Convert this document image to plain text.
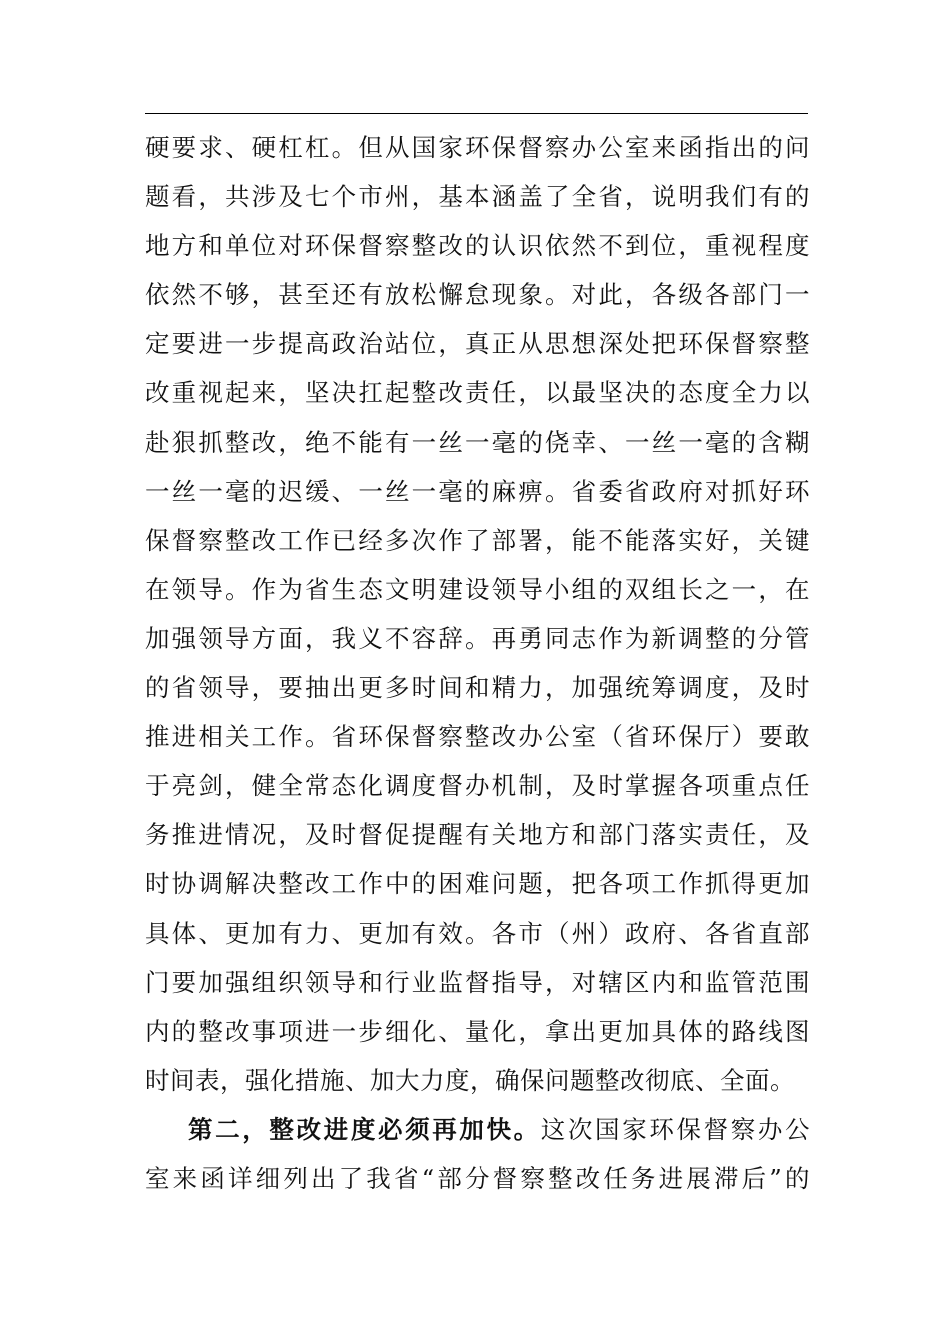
硬要求、硬杠杠。但从国家环保督察办公室来函指出的问
题看，共涉及七个市州，基本涵盖了全省，说明我们有的
地方和单位对环保督察整改的认识依然不到位，重视程度
依然不够，甚至还有放松懈怠现象。对此，各级各部门一
定要进一步提高政治站位，真正从思想深处把环保督察整
改重视起来，坚决扛起整改责任，以最坚决的态度全力以
赴狠抓整改，绝不能有一丝一毫的侥幸、一丝一毫的含糊
一丝一毫的迟缓、一丝一毫的麻痹。省委省政府对抓好环
保督察整改工作已经多次作了部署，能不能落实好，关键
在领导。作为省生态文明建设领导小组的双组长之一，在
加强领导方面，我义不容辞。再勇同志作为新调整的分管
的省领导，要抽出更多时间和精力，加强统筹调度，及时
推进相关工作。省环保督察整改办公室（省环保厅）要敢
于亮剑，健全常态化调度督办机制，及时掌握各项重点任
务推进情况，及时督促提醒有关地方和部门落实责任，及
时协调解决整改工作中的困难问题，把各项工作抓得更加
具体、更加有力、更加有效。各市（州）政府、各省直部
门要加强组织领导和行业监督指导，对辖区内和监管范围
内的整改事项进一步细化、量化，拿出更加具体的路线图
时间表，强化措施、加大力度，确保问题整改彻底、全面。
第二，整改进度必须再加快。这次国家环保督察办公
室来函详细列出了我省“部分督察整改任务进展滞后”的
